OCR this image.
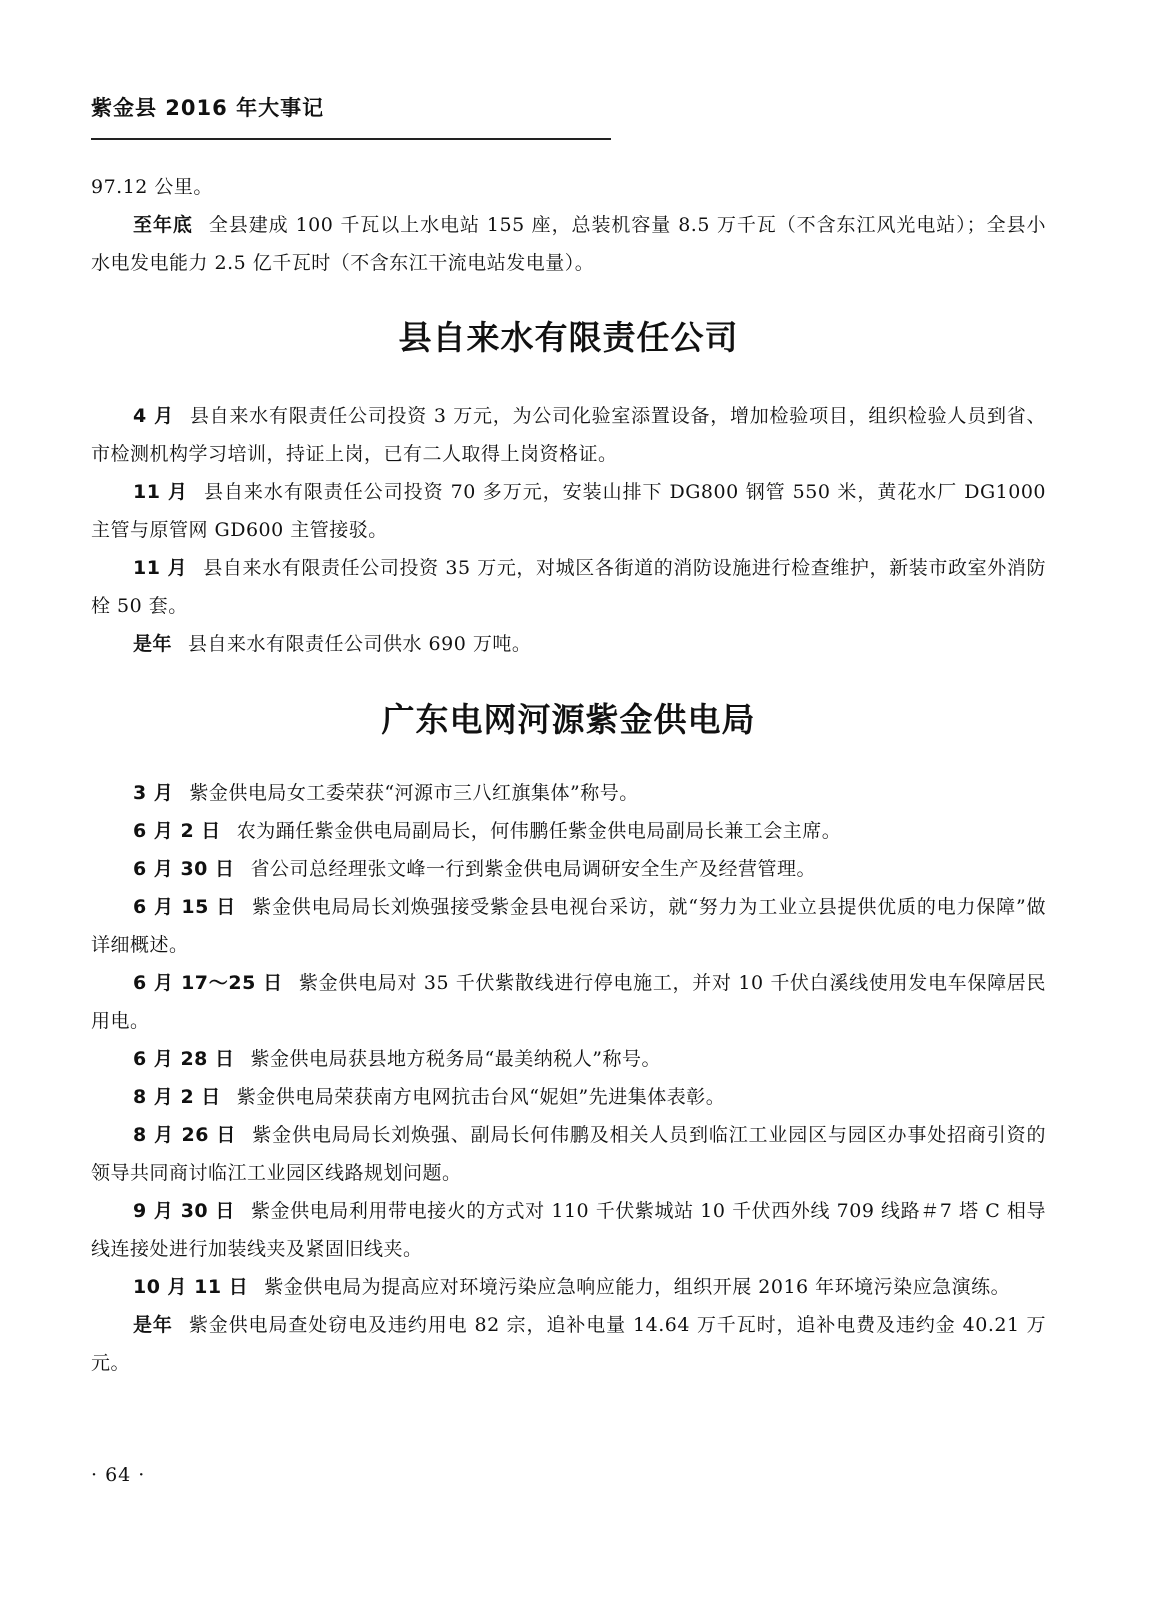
紫金县 2016 年大事记

97.12 公里。

至年底 全县建成 100 千瓦以上水电站 155 座，总装机容量 8.5 万千瓦（不含东江风光电站）；全县小水电发电能力 2.5 亿千瓦时（不含东江干流电站发电量）。

县自来水有限责任公司

4 月 县自来水有限责任公司投资 3 万元，为公司化验室添置设备，增加检验项目，组织检验人员到省、市检测机构学习培训，持证上岗，已有二人取得上岗资格证。

11 月 县自来水有限责任公司投资 70 多万元，安装山排下 DG800 钢管 550 米，黄花水厂 DG1000 主管与原管网 GD600 主管接驳。

11 月 县自来水有限责任公司投资 35 万元，对城区各街道的消防设施进行检查维护，新装市政室外消防栓 50 套。

是年 县自来水有限责任公司供水 690 万吨。

广东电网河源紫金供电局

3 月 紫金供电局女工委荣获“河源市三八红旗集体”称号。

6 月 2 日 农为踊任紫金供电局副局长，何伟鹏任紫金供电局副局长兼工会主席。

6 月 30 日 省公司总经理张文峰一行到紫金供电局调研安全生产及经营管理。

6 月 15 日 紫金供电局局长刘焕强接受紫金县电视台采访，就“努力为工业立县提供优质的电力保障”做详细概述。

6 月 17～25 日 紫金供电局对 35 千伏紫散线进行停电施工，并对 10 千伏白溪线使用发电车保障居民用电。

6 月 28 日 紫金供电局获县地方税务局“最美纳税人”称号。

8 月 2 日 紫金供电局荣获南方电网抗击台风“妮妲”先进集体表彰。

8 月 26 日 紫金供电局局长刘焕强、副局长何伟鹏及相关人员到临江工业园区与园区办事处招商引资的领导共同商讨临江工业园区线路规划问题。

9 月 30 日 紫金供电局利用带电接火的方式对 110 千伏紫城站 10 千伏西外线 709 线路＃7 塔 C 相导线连接处进行加装线夹及紧固旧线夹。

10 月 11 日 紫金供电局为提高应对环境污染应急响应能力，组织开展 2016 年环境污染应急演练。

是年 紫金供电局查处窃电及违约用电 82 宗，追补电量 14.64 万千瓦时，追补电费及违约金 40.21 万元。

· 64 ·
